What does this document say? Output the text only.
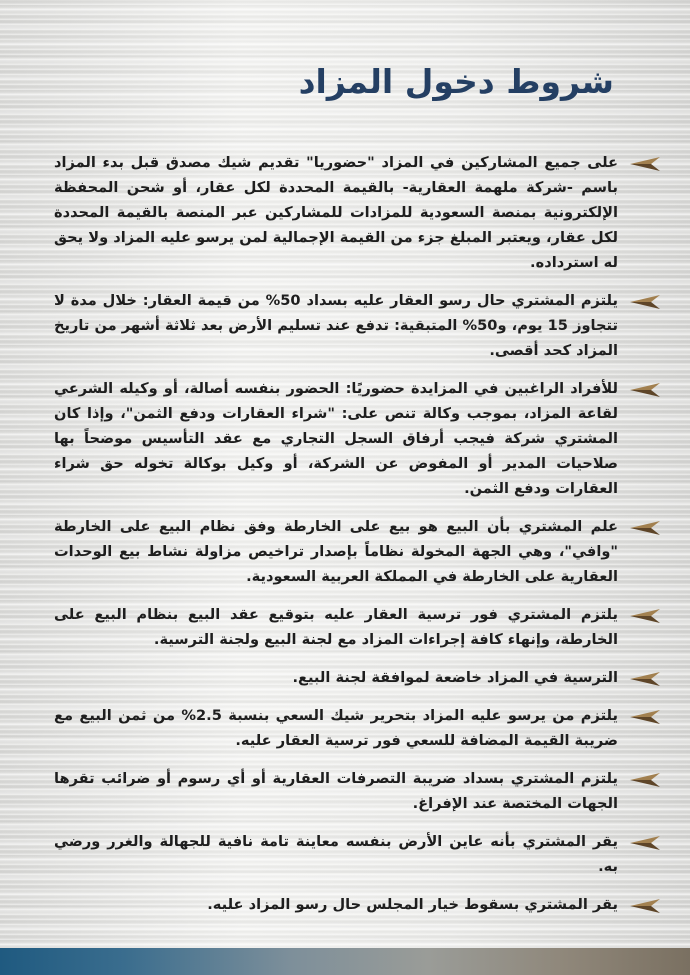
شروط دخول المزاد
على جميع المشاركين في المزاد "حضوريا" تقديم شيك مصدق قبل بدء المزاد باسم -شركة ملهمة العقارية- بالقيمة المحددة لكل عقار، أو شحن المحفظة الإلكترونية بمنصة السعودية للمزادات للمشاركين عبر المنصة بالقيمة المحددة لكل عقار، ويعتبر المبلغ جزء من القيمة الإجمالية لمن يرسو عليه المزاد ولا يحق له استرداده.
يلتزم المشتري حال رسو العقار عليه بسداد 50% من قيمة العقار: خلال مدة لا تتجاوز 15 يوم، و50% المتبقية: تدفع عند تسليم الأرض بعد ثلاثة أشهر من تاريخ المزاد كحد أقصى.
للأفراد الراغبين في المزايدة حضوريًا: الحضور بنفسه أصالة، أو وكيله الشرعي لقاعة المزاد، بموجب وكالة تنص على: "شراء العقارات ودفع الثمن"، وإذا كان المشتري شركة فيجب أرفاق السجل التجاري مع عقد التأسيس موضحاً بها صلاحيات المدير أو المفوض عن الشركة، أو وكيل بوكالة تخوله حق شراء العقارات ودفع الثمن.
علم المشتري بأن البيع هو بيع على الخارطة وفق نظام البيع على الخارطة "وافي"، وهي الجهة المخولة نظاماً بإصدار تراخيص مزاولة نشاط بيع الوحدات العقارية على الخارطة في المملكة العربية السعودية.
يلتزم المشتري فور ترسية العقار عليه بتوقيع عقد البيع بنظام البيع على الخارطة، وإنهاء كافة إجراءات المزاد مع لجنة البيع ولجنة الترسية.
الترسية في المزاد خاضعة لموافقة لجنة البيع.
يلتزم من يرسو عليه المزاد بتحرير شيك السعي بنسبة 2.5% من ثمن البيع مع ضريبة القيمة المضافة للسعي فور ترسية العقار عليه.
يلتزم المشتري بسداد ضريبة التصرفات العقارية أو أي رسوم أو ضرائب تقرها الجهات المختصة عند الإفراغ.
يقر المشتري بأنه عاين الأرض بنفسه معاينة تامة نافية للجهالة والغرر ورضي به.
يقر المشتري بسقوط خيار المجلس حال رسو المزاد عليه.
